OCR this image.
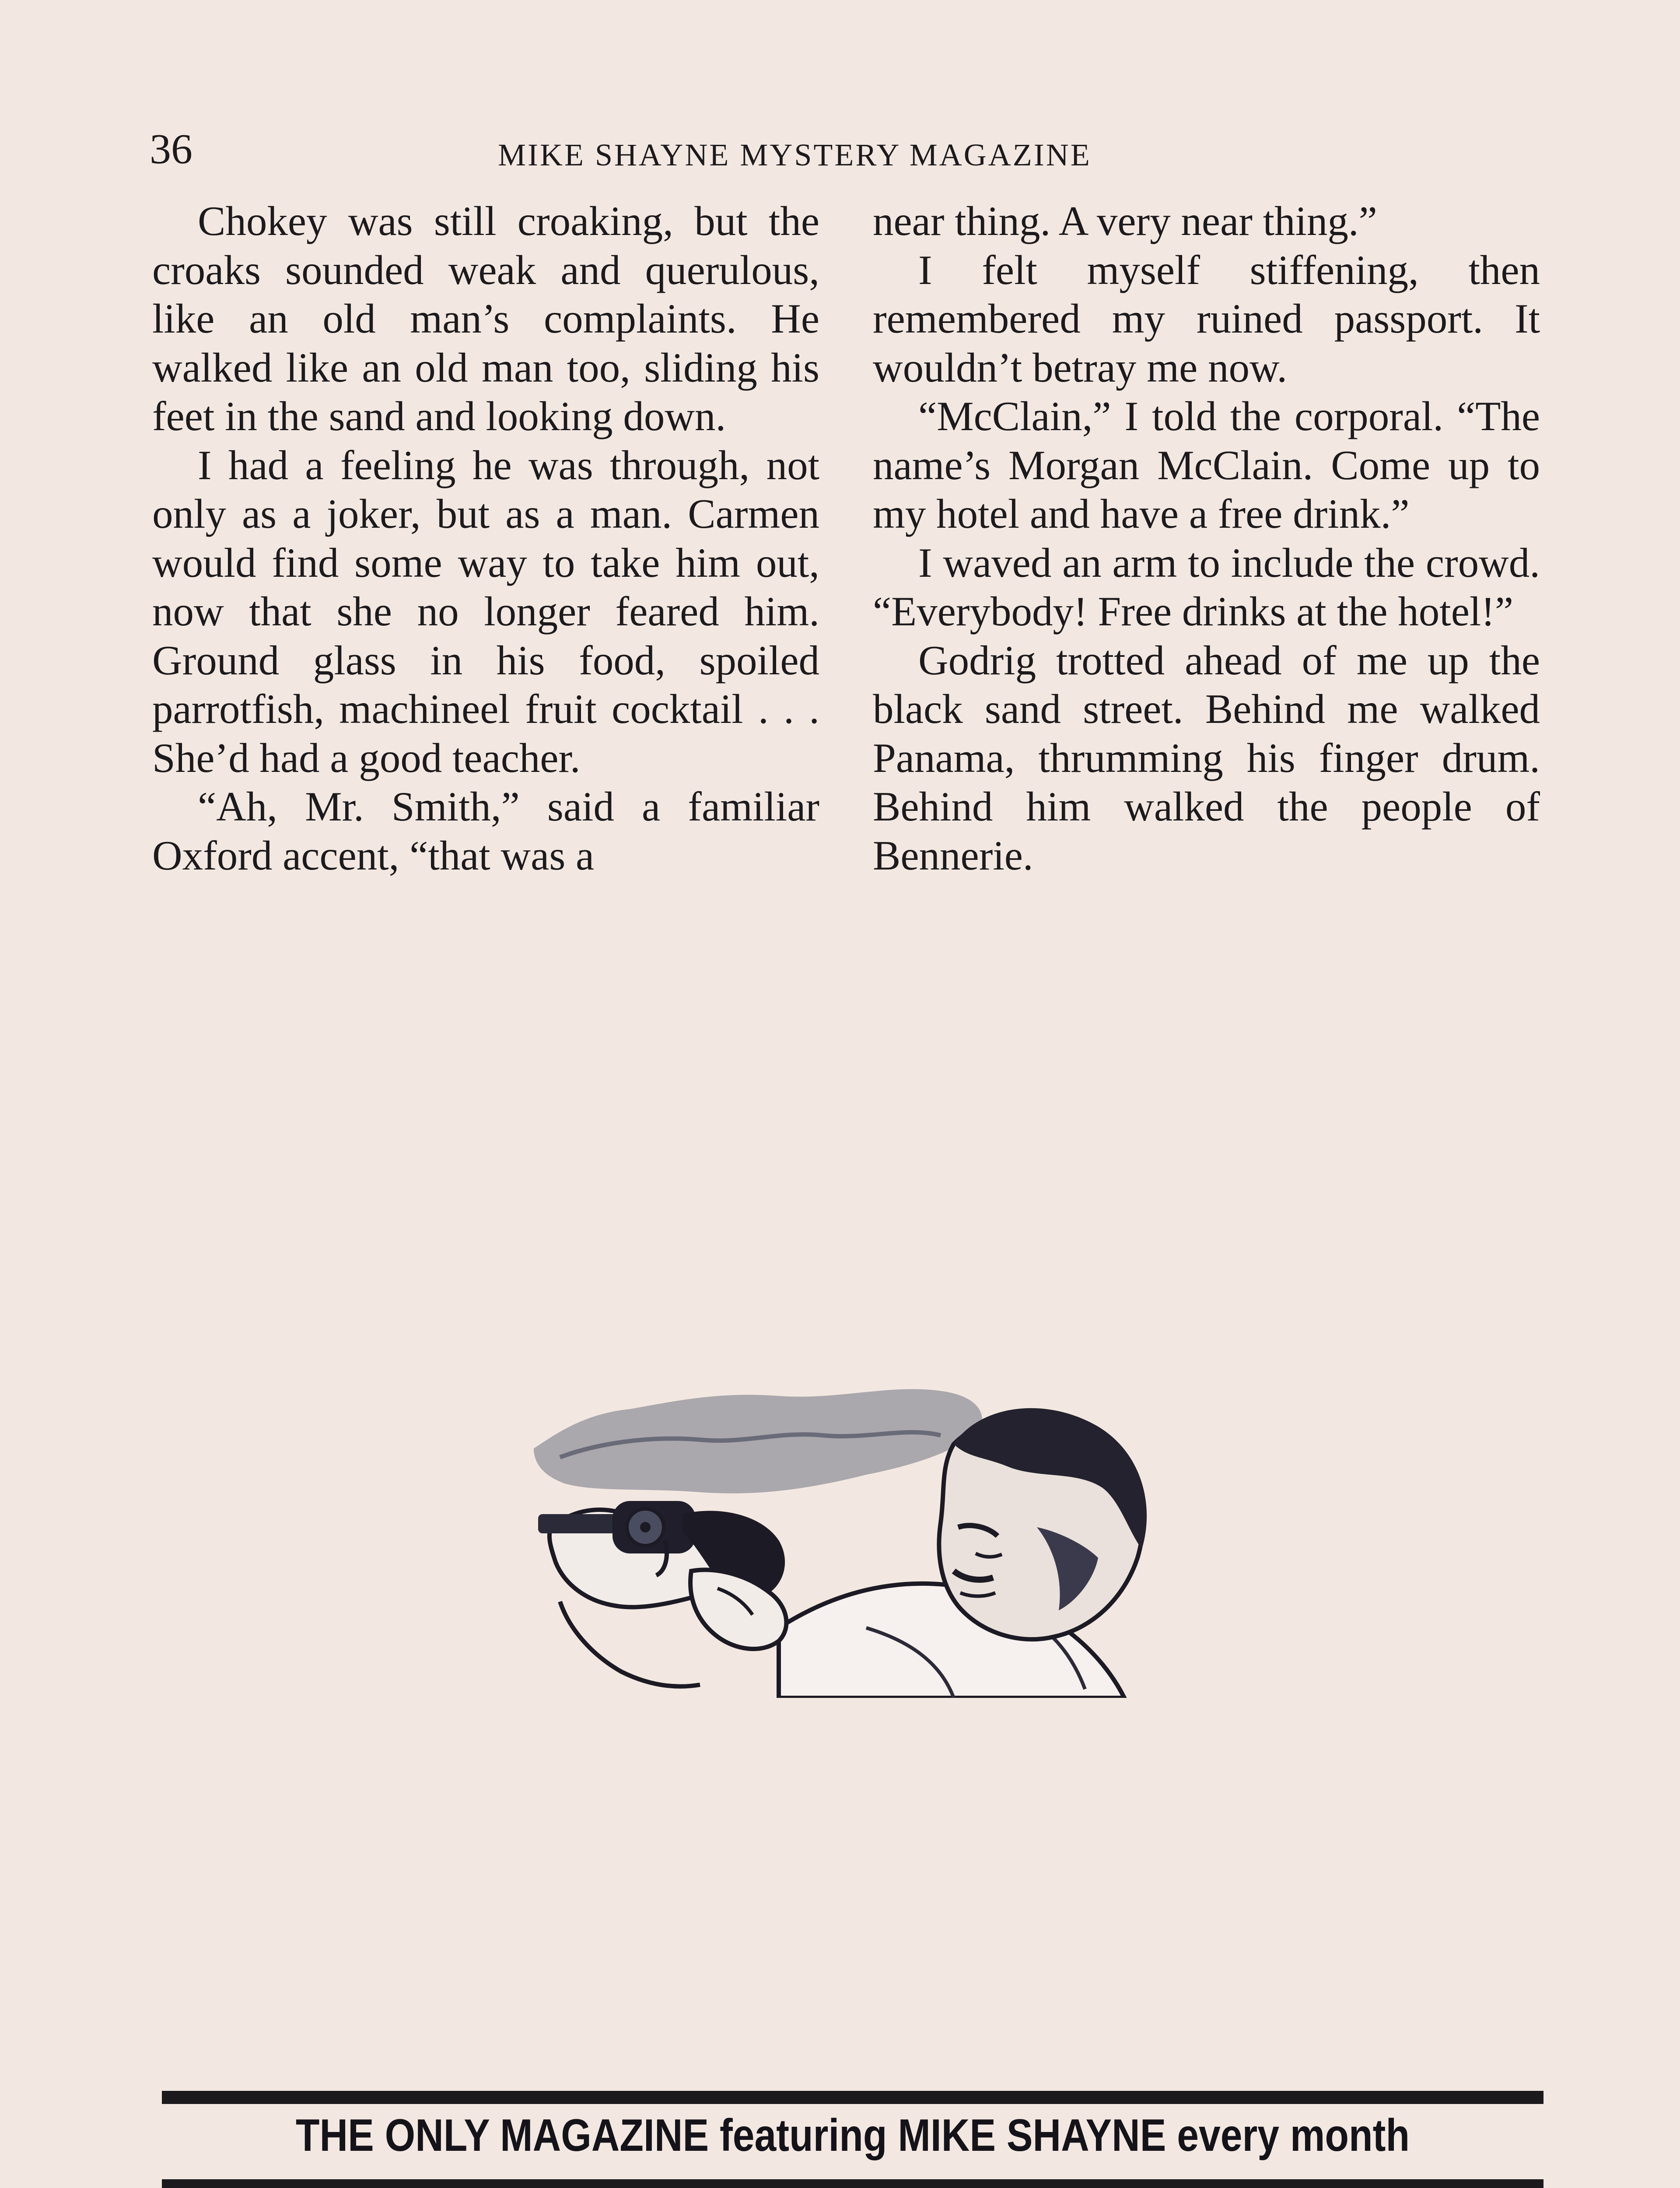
36	MIKE SHAYNE MYSTERY MAGAZINE

Chokey was still croaking, but the croaks sounded weak and querulous, like an old man’s complaints. He walked like an old man too, sliding his feet in the sand and looking down.

I had a feeling he was through, not only as a joker, but as a man. Carmen would find some way to take him out, now that she no longer feared him. Ground glass in his food, spoiled parrotfish, machineel fruit cocktail . . . She’d had a good teacher.

“Ah, Mr. Smith,” said a familiar Oxford accent, “that was a

near thing. A very near thing.”

I felt myself stiffening, then remembered my ruined passport. It wouldn’t betray me now.

“McClain,” I told the corporal. “The name’s Morgan McClain. Come up to my hotel and have a free drink.”

I waved an arm to include the crowd. “Everybody! Free drinks at the hotel!”

Godrig trotted ahead of me up the black sand street. Behind me walked Panama, thrumming his finger drum. Behind him walked the people of Bennerie.

THE ONLY MAGAZINE featuring MIKE SHAYNE every month
